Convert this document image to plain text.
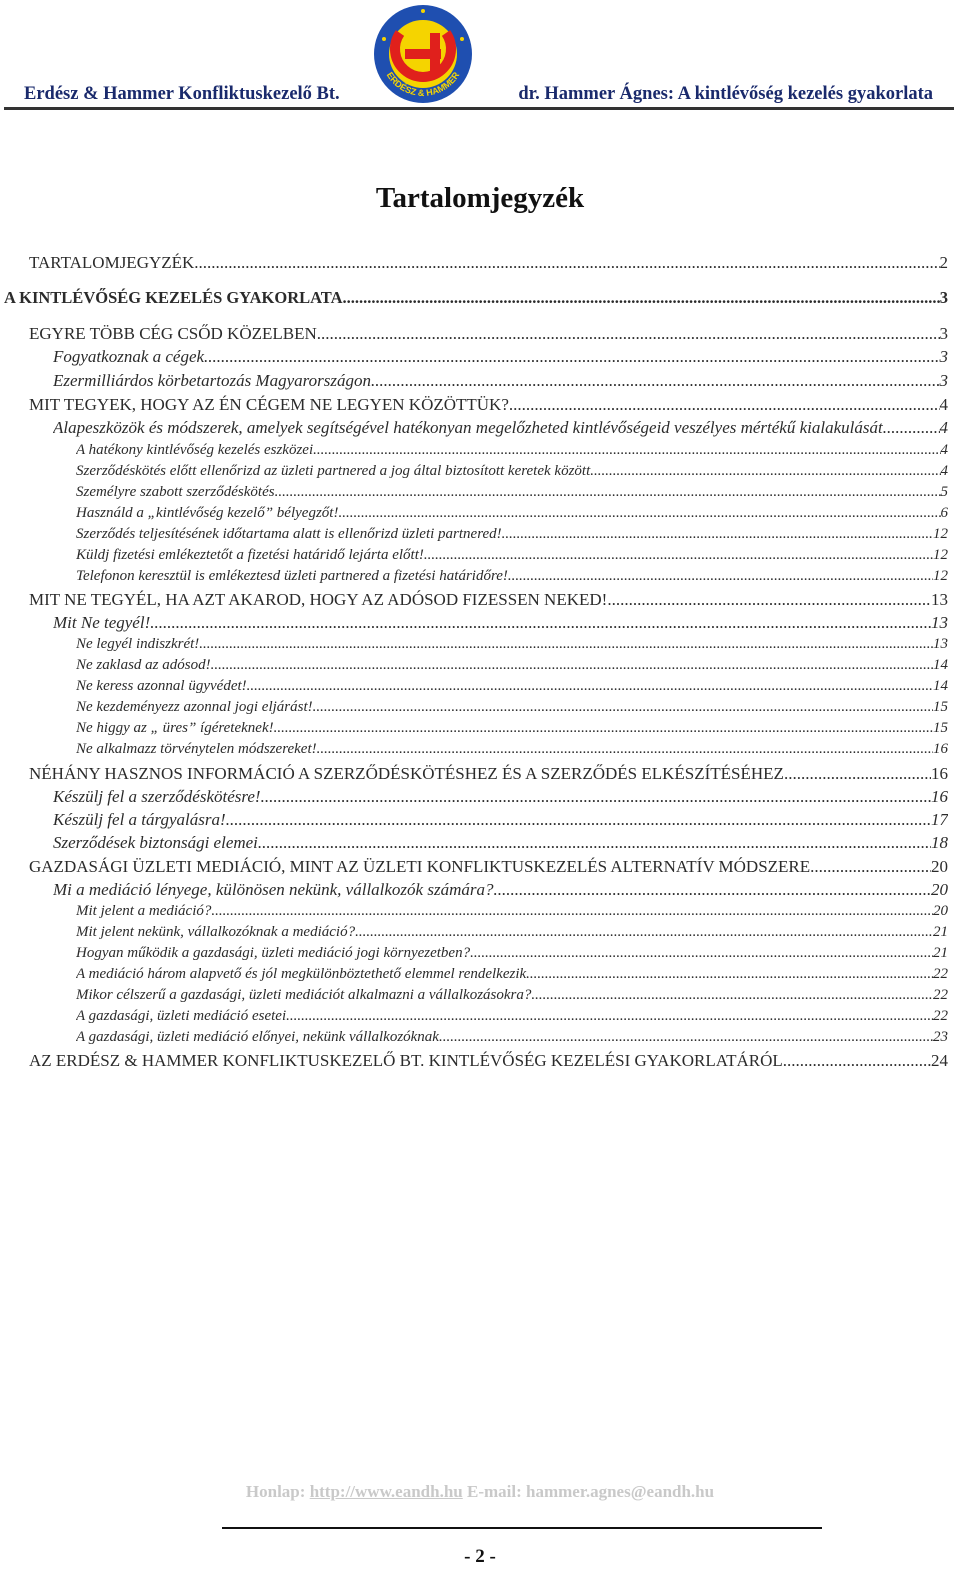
Erdész & Hammer Konfliktuskezelő Bt.	dr. Hammer Ágnes: A kintlévőség kezelés gyakorlata
ERDÉSZ & HAMMER
Tartalomjegyzék
TARTALOMJEGYZÉK .....	2
A KINTLÉVŐSÉG KEZELÉS GYAKORLATA .....	3
EGYRE TÖBB CÉG CSŐD KÖZELBEN .....	3
Fogyatkoznak a cégek .....	3
Ezermilliárdos körbetartozás Magyarországon .....	3
MIT TEGYEK, HOGY AZ ÉN CÉGEM NE LEGYEN KÖZÖTTÜK? .....	4
Alapeszközök és módszerek, amelyek segítségével hatékonyan megelőzheted kintlévőségeid veszélyes mértékű kialakulását .....	4
A hatékony kintlévőség kezelés eszközei .....	4
Szerződéskötés előtt ellenőrizd az üzleti partnered a jog által biztosított keretek között .....	4
Személyre szabott szerződéskötés .....	5
Használd a „kintlévőség kezelő” bélyegzőt! .....	6
Szerződés teljesítésének időtartama alatt is ellenőrizd üzleti partnered! .....	12
Küldj fizetési emlékeztetőt a fizetési határidő lejárta előtt! .....	12
Telefonon keresztül is emlékeztesd üzleti partnered a fizetési határidőre! .....	12
MIT NE TEGYÉL, HA AZT AKAROD, HOGY AZ ADÓSOD FIZESSEN NEKED! .....	13
Mit Ne tegyél! .....	13
Ne legyél indiszkrét! .....	13
Ne zaklasd az adósod! .....	14
Ne keress azonnal ügyvédet! .....	14
Ne kezdeményezz azonnal jogi eljárást! .....	15
Ne higgy az „ üres” ígéreteknek! .....	15
Ne alkalmazz törvénytelen módszereket! .....	16
NÉHÁNY HASZNOS INFORMÁCIÓ A SZERZŐDÉSKÖTÉSHEZ ÉS A SZERZŐDÉS ELKÉSZÍTÉSÉHEZ .....	16
Készülj fel a szerződéskötésre! .....	16
Készülj fel a tárgyalásra! .....	17
Szerződések biztonsági elemei .....	18
GAZDASÁGI ÜZLETI MEDIÁCIÓ, MINT AZ ÜZLETI KONFLIKTUSKEZELÉS ALTERNATÍV MÓDSZERE .....	20
Mi a mediáció lényege, különösen nekünk, vállalkozók számára? .....	20
Mit jelent a mediáció? .....	20
Mit jelent nekünk, vállalkozóknak a mediáció? .....	21
Hogyan működik a gazdasági, üzleti mediáció jogi környezetben? .....	21
A mediáció három alapvető és jól megkülönböztethető elemmel rendelkezik .....	22
Mikor célszerű a gazdasági, üzleti mediációt alkalmazni a vállalkozásokra? .....	22
A gazdasági, üzleti mediáció esetei .....	22
A gazdasági, üzleti mediáció előnyei, nekünk vállalkozóknak .....	23
AZ ERDÉSZ & HAMMER KONFLIKTUSKEZELŐ BT. KINTLÉVŐSÉG KEZELÉSI GYAKORLATÁRÓL .....	24
Honlap: http://www.eandh.hu E-mail: hammer.agnes@eandh.hu
- 2 -
